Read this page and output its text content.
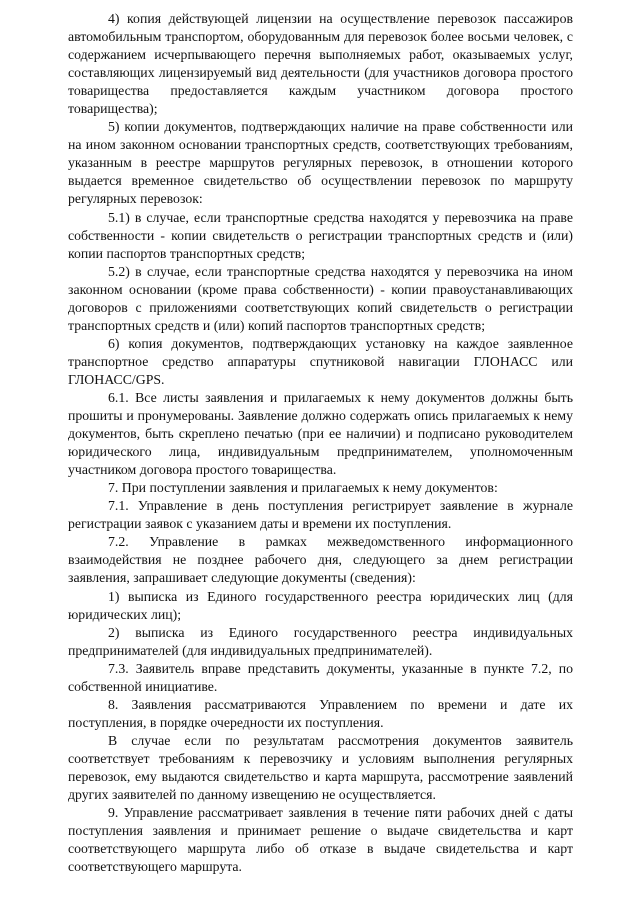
4) копия действующей лицензии на осуществление перевозок пассажиров автомобильным транспортом, оборудованным для перевозок более восьми человек, с содержанием исчерпывающего перечня выполняемых работ, оказываемых услуг, составляющих лицензируемый вид деятельности (для участников договора простого товарищества предоставляется каждым участником договора простого товарищества);

5) копии документов, подтверждающих наличие на праве собственности или на ином законном основании транспортных средств, соответствующих требованиям, указанным в реестре маршрутов регулярных перевозок, в отношении которого выдается временное свидетельство об осуществлении перевозок по маршруту регулярных перевозок:

5.1) в случае, если транспортные средства находятся у перевозчика на праве собственности - копии свидетельств о регистрации транспортных средств и (или) копии паспортов транспортных средств;

5.2) в случае, если транспортные средства находятся у перевозчика на ином законном основании (кроме права собственности) - копии правоустанавливающих договоров с приложениями соответствующих копий свидетельств о регистрации транспортных средств и (или) копий паспортов транспортных средств;

6) копия документов, подтверждающих установку на каждое заявленное транспортное средство аппаратуры спутниковой навигации ГЛОНАСС или ГЛОНАСС/GPS.

6.1. Все листы заявления и прилагаемых к нему документов должны быть прошиты и пронумерованы. Заявление должно содержать опись прилагаемых к нему документов, быть скреплено печатью (при ее наличии) и подписано руководителем юридического лица, индивидуальным предпринимателем, уполномоченным участником договора простого товарищества.

7. При поступлении заявления и прилагаемых к нему документов:

7.1. Управление в день поступления регистрирует заявление в журнале регистрации заявок с указанием даты и времени их поступления.

7.2. Управление в рамках межведомственного информационного взаимодействия не позднее рабочего дня, следующего за днем регистрации заявления, запрашивает следующие документы (сведения):

1) выписка из Единого государственного реестра юридических лиц (для юридических лиц);

2) выписка из Единого государственного реестра индивидуальных предпринимателей (для индивидуальных предпринимателей).

7.3. Заявитель вправе представить документы, указанные в пункте 7.2, по собственной инициативе.

8. Заявления рассматриваются Управлением по времени и дате их поступления, в порядке очередности их поступления.

В случае если по результатам рассмотрения документов заявитель соответствует требованиям к перевозчику и условиям выполнения регулярных перевозок, ему выдаются свидетельство и карта маршрута, рассмотрение заявлений других заявителей по данному извещению не осуществляется.

9. Управление рассматривает заявления в течение пяти рабочих дней с даты поступления заявления и принимает решение о выдаче свидетельства и карт соответствующего маршрута либо об отказе в выдаче свидетельства и карт соответствующего маршрута.
